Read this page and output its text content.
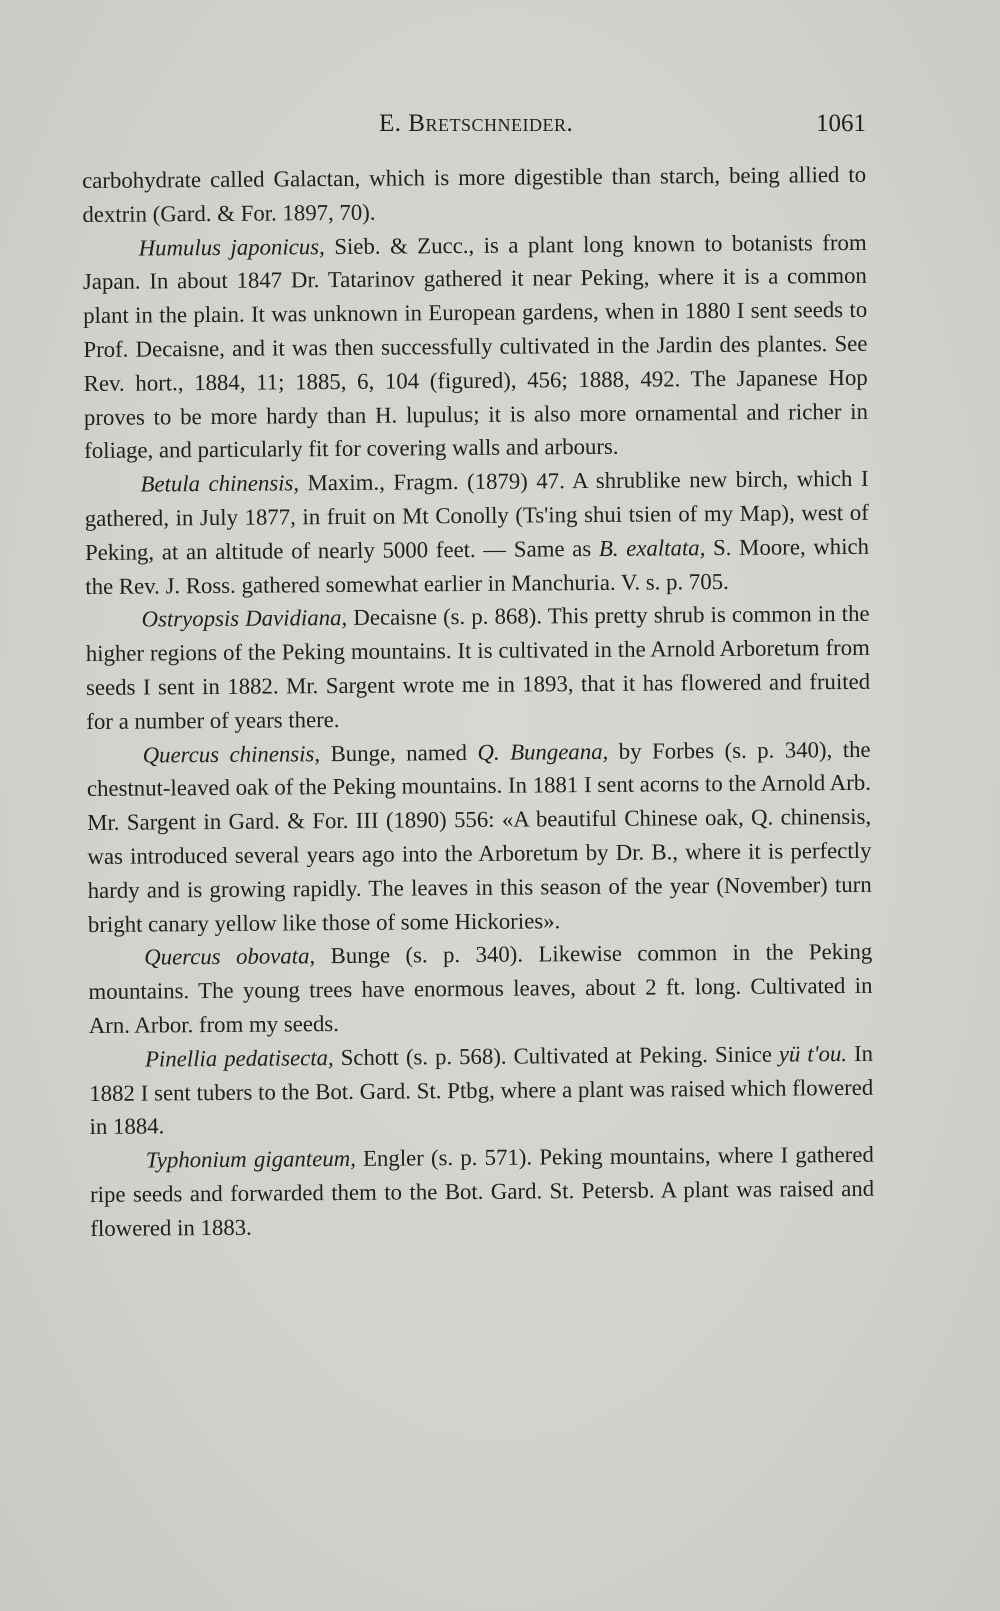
E. Bretschneider.	1061

carbohydrate called Galactan, which is more digestible than starch, being allied to dextrin (Gard. & For. 1897, 70).

Humulus japonicus, Sieb. & Zucc., is a plant long known to botanists from Japan. In about 1847 Dr. Tatarinov gathered it near Peking, where it is a common plant in the plain. It was unknown in European gardens, when in 1880 I sent seeds to Prof. Decaisne, and it was then successfully cultivated in the Jardin des plantes. See Rev. hort., 1884, 11; 1885, 6, 104 (figured), 456; 1888, 492. The Japanese Hop proves to be more hardy than H. lupulus; it is also more ornamental and richer in foliage, and particularly fit for covering walls and arbours.

Betula chinensis, Maxim., Fragm. (1879) 47. A shrublike new birch, which I gathered, in July 1877, in fruit on Mt Conolly (Ts'ing shui tsien of my Map), west of Peking, at an altitude of nearly 5000 feet. — Same as B. exaltata, S. Moore, which the Rev. J. Ross. gathered somewhat earlier in Manchuria. V. s. p. 705.

Ostryopsis Davidiana, Decaisne (s. p. 868). This pretty shrub is common in the higher regions of the Peking mountains. It is cultivated in the Arnold Arboretum from seeds I sent in 1882. Mr. Sargent wrote me in 1893, that it has flowered and fruited for a number of years there.

Quercus chinensis, Bunge, named Q. Bungeana, by Forbes (s. p. 340), the chestnut-leaved oak of the Peking mountains. In 1881 I sent acorns to the Arnold Arb. Mr. Sargent in Gard. & For. III (1890) 556: «A beautiful Chinese oak, Q. chinensis, was introduced several years ago into the Arboretum by Dr. B., where it is perfectly hardy and is growing rapidly. The leaves in this season of the year (November) turn bright canary yellow like those of some Hickories».

Quercus obovata, Bunge (s. p. 340). Likewise common in the Peking mountains. The young trees have enormous leaves, about 2 ft. long. Cultivated in Arn. Arbor. from my seeds.

Pinellia pedatisecta, Schott (s. p. 568). Cultivated at Peking. Sinice yü t'ou. In 1882 I sent tubers to the Bot. Gard. St. Ptbg, where a plant was raised which flowered in 1884.

Typhonium giganteum, Engler (s. p. 571). Peking mountains, where I gathered ripe seeds and forwarded them to the Bot. Gard. St. Petersb. A plant was raised and flowered in 1883.
